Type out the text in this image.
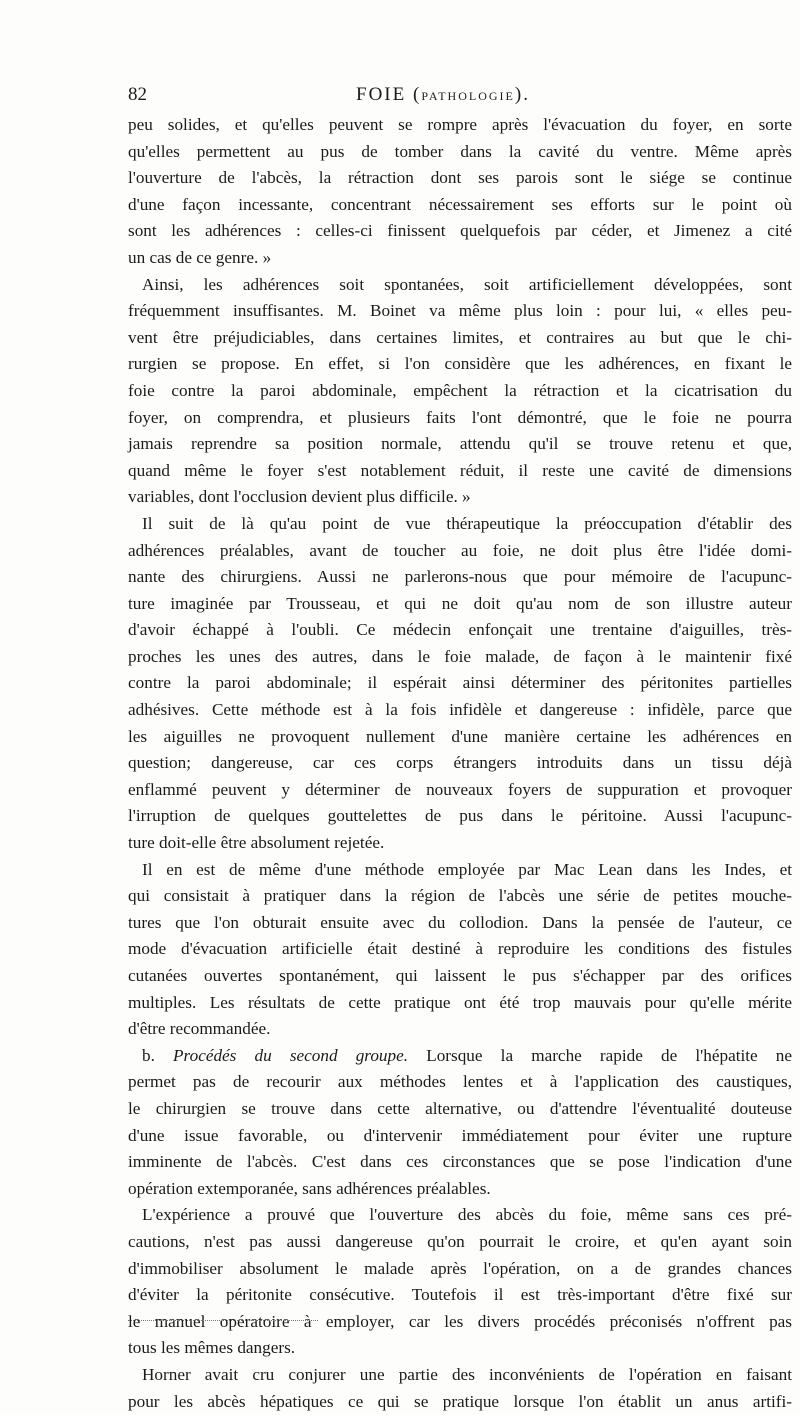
82	FOIE (PATHOLOGIE).
peu solides, et qu'elles peuvent se rompre après l'évacuation du foyer, en sorte
qu'elles permettent au pus de tomber dans la cavité du ventre. Même après
l'ouverture de l'abcès, la rétraction dont ses parois sont le siége se continue
d'une façon incessante, concentrant nécessairement ses efforts sur le point où
sont les adhérences : celles-ci finissent quelquefois par céder, et Jimenez a cité
un cas de ce genre. »
Ainsi, les adhérences soit spontanées, soit artificiellement développées, sont
fréquemment insuffisantes. M. Boinet va même plus loin : pour lui, « elles peu-
vent être préjudiciables, dans certaines limites, et contraires au but que le chi-
rurgien se propose. En effet, si l'on considère que les adhérences, en fixant le
foie contre la paroi abdominale, empêchent la rétraction et la cicatrisation du
foyer, on comprendra, et plusieurs faits l'ont démontré, que le foie ne pourra
jamais reprendre sa position normale, attendu qu'il se trouve retenu et que,
quand même le foyer s'est notablement réduit, il reste une cavité de dimensions
variables, dont l'occlusion devient plus difficile. »
Il suit de là qu'au point de vue thérapeutique la préoccupation d'établir des
adhérences préalables, avant de toucher au foie, ne doit plus être l'idée domi-
nante des chirurgiens. Aussi ne parlerons-nous que pour mémoire de l'acupunc-
ture imaginée par Trousseau, et qui ne doit qu'au nom de son illustre auteur
d'avoir échappé à l'oubli. Ce médecin enfonçait une trentaine d'aiguilles, très-
proches les unes des autres, dans le foie malade, de façon à le maintenir fixé
contre la paroi abdominale; il espérait ainsi déterminer des péritonites partielles
adhésives. Cette méthode est à la fois infidèle et dangereuse : infidèle, parce que
les aiguilles ne provoquent nullement d'une manière certaine les adhérences en
question; dangereuse, car ces corps étrangers introduits dans un tissu déjà
enflammé peuvent y déterminer de nouveaux foyers de suppuration et provoquer
l'irruption de quelques gouttelettes de pus dans le péritoine. Aussi l'acupunc-
ture doit-elle être absolument rejetée.
Il en est de même d'une méthode employée par Mac Lean dans les Indes, et
qui consistait à pratiquer dans la région de l'abcès une série de petites mouche-
tures que l'on obturait ensuite avec du collodion. Dans la pensée de l'auteur, ce
mode d'évacuation artificielle était destiné à reproduire les conditions des fistules
cutanées ouvertes spontanément, qui laissent le pus s'échapper par des orifices
multiples. Les résultats de cette pratique ont été trop mauvais pour qu'elle mérite
d'être recommandée.
b. Procédés du second groupe. Lorsque la marche rapide de l'hépatite ne
permet pas de recourir aux méthodes lentes et à l'application des caustiques,
le chirurgien se trouve dans cette alternative, ou d'attendre l'éventualité douteuse
d'une issue favorable, ou d'intervenir immédiatement pour éviter une rupture
imminente de l'abcès. C'est dans ces circonstances que se pose l'indication d'une
opération extemporanée, sans adhérences préalables.
L'expérience a prouvé que l'ouverture des abcès du foie, même sans ces pré-
cautions, n'est pas aussi dangereuse qu'on pourrait le croire, et qu'en ayant soin
d'immobiliser absolument le malade après l'opération, on a de grandes chances
d'éviter la péritonite consécutive. Toutefois il est très-important d'être fixé sur
le manuel opératoire à employer, car les divers procédés préconisés n'offrent pas
tous les mêmes dangers.
Horner avait cru conjurer une partie des inconvénients de l'opération en faisant
pour les abcès hépatiques ce qui se pratique lorsque l'on établit un anus artifi-
